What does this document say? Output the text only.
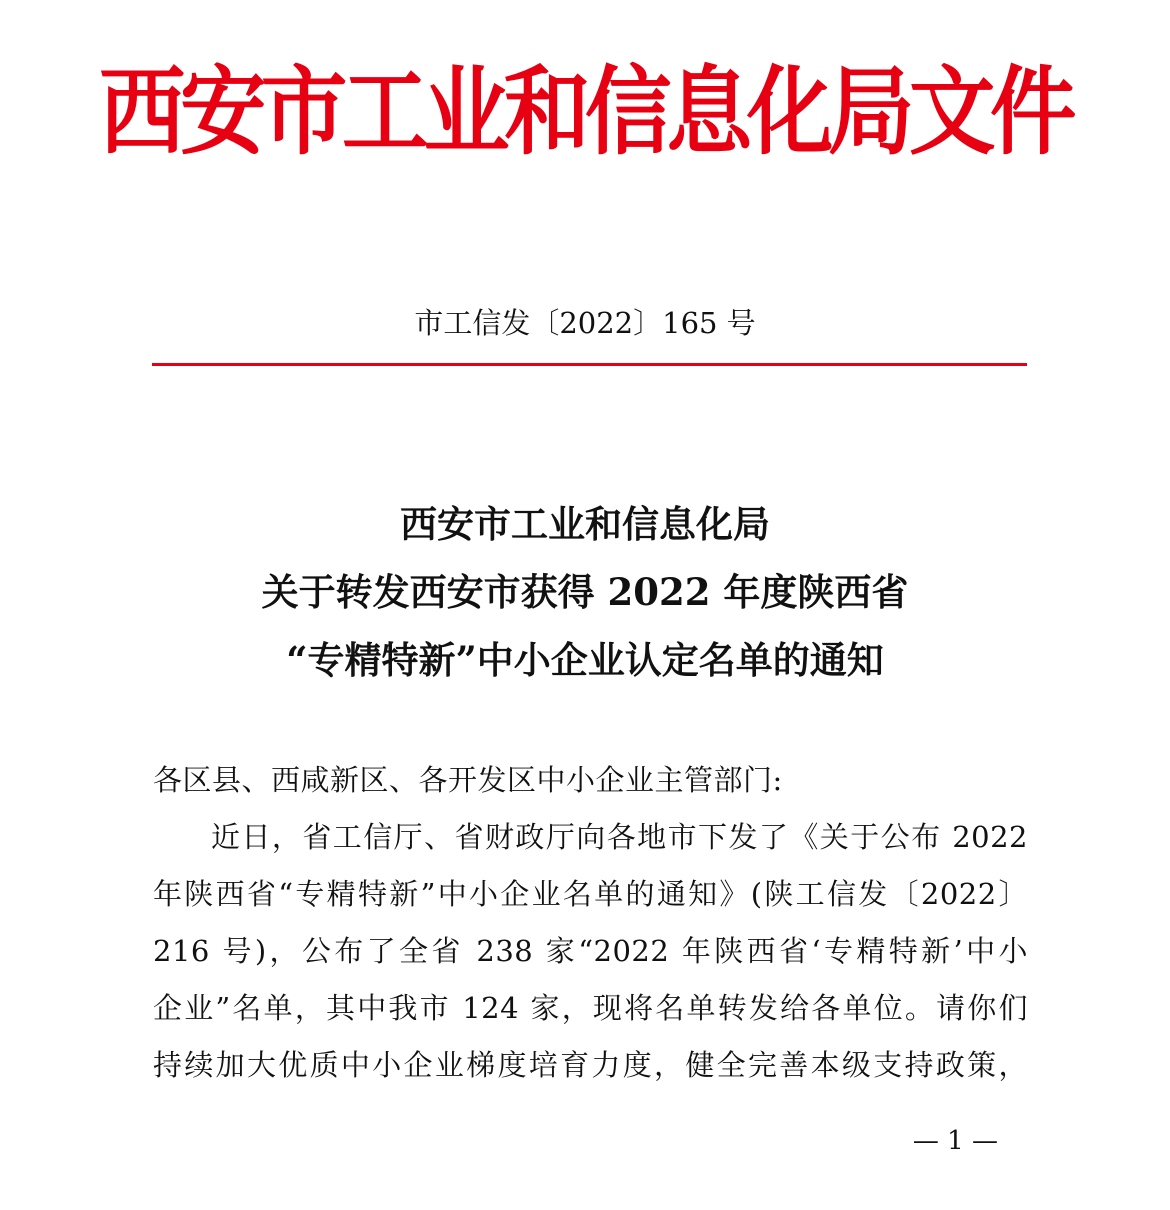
西安市工业和信息化局文件
市工信发〔2022〕165 号
西安市工业和信息化局
关于转发西安市获得 2022 年度陕西省
“专精特新”中小企业认定名单的通知
各区县、西咸新区、各开发区中小企业主管部门:
近日，省工信厅、省财政厅向各地市下发了《关于公布 2022
年陕西省“专精特新”中小企业名单的通知》(陕工信发〔2022〕
216 号)，公布了全省 238 家“2022 年陕西省‘专精特新’中小
企业”名单，其中我市 124 家，现将名单转发给各单位。请你们
持续加大优质中小企业梯度培育力度，健全完善本级支持政策，
— 1 —
